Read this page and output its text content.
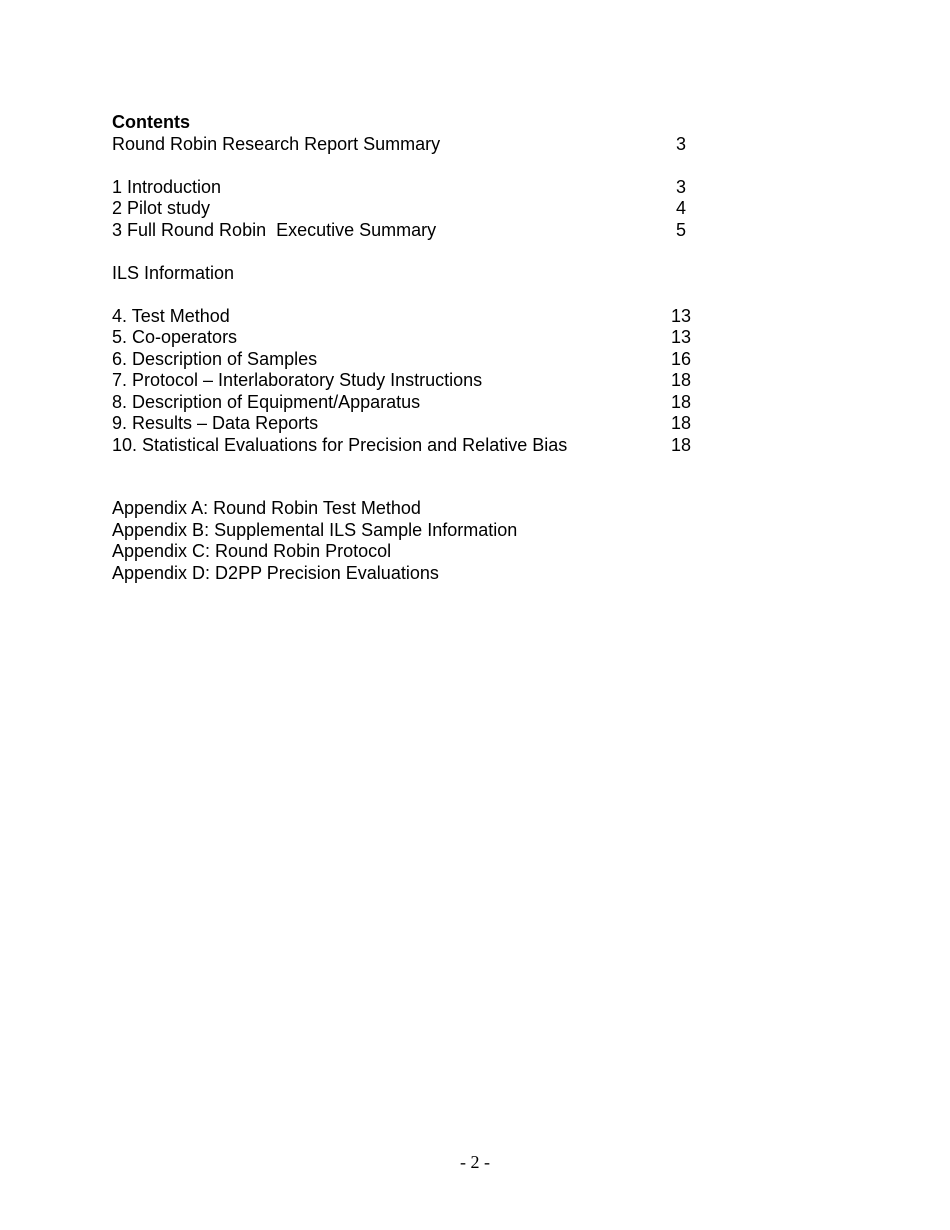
Contents
Round Robin Research Report Summary	3
1 Introduction	3
2 Pilot study	4
3 Full Round Robin  Executive Summary	5
ILS Information
4. Test Method	13
5. Co-operators	13
6. Description of Samples	16
7. Protocol – Interlaboratory Study Instructions	18
8. Description of Equipment/Apparatus	18
9. Results – Data Reports	18
10. Statistical Evaluations for Precision and Relative Bias	18
Appendix A: Round Robin Test Method
Appendix B: Supplemental ILS Sample Information
Appendix C: Round Robin Protocol
Appendix D: D2PP Precision Evaluations
- 2 -
